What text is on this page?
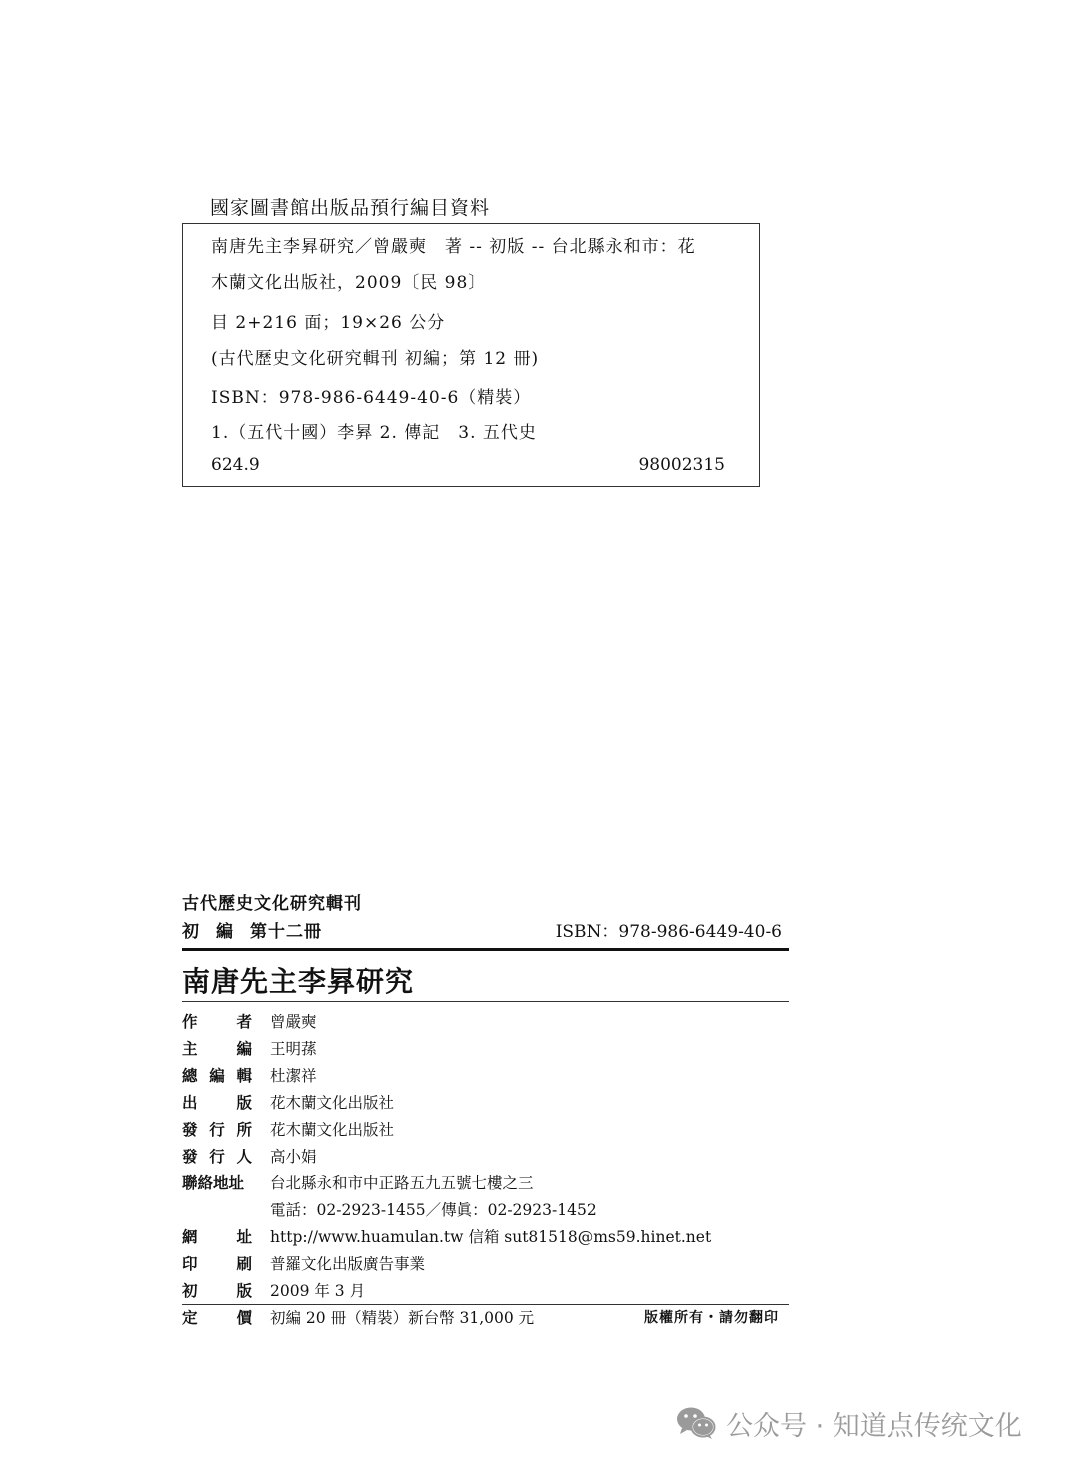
國家圖書館出版品預行編目資料
南唐先主李昪研究／曾嚴奭　著 -- 初版 -- 台北縣永和市：花
木蘭文化出版社，2009〔民 98〕
目 2+216 面；19×26 公分
(古代歷史文化研究輯刊 初編；第 12 冊)
ISBN：978-986-6449-40-6（精裝）
1.（五代十國）李昪 2. 傳記　3. 五代史
624.9	98002315
古代歷史文化研究輯刊
初 編 第十二冊	ISBN：978-986-6449-40-6
南唐先主李昪研究
作	者 曾嚴奭
主	編 王明蓀
總 編 輯 杜潔祥
出	版 花木蘭文化出版社
發 行 所 花木蘭文化出版社
發 行 人 高小娟
聯絡地址 台北縣永和市中正路五九五號七樓之三
電話：02-2923-1455／傳眞：02-2923-1452
網	址 http://www.huamulan.tw 信箱 sut81518@ms59.hinet.net
印	刷 普羅文化出版廣告事業
初	版 2009 年 3 月
定	價 初編 20 冊（精裝）新台幣 31,000 元	版權所有・請勿翻印
公众号 · 知道点传统文化
